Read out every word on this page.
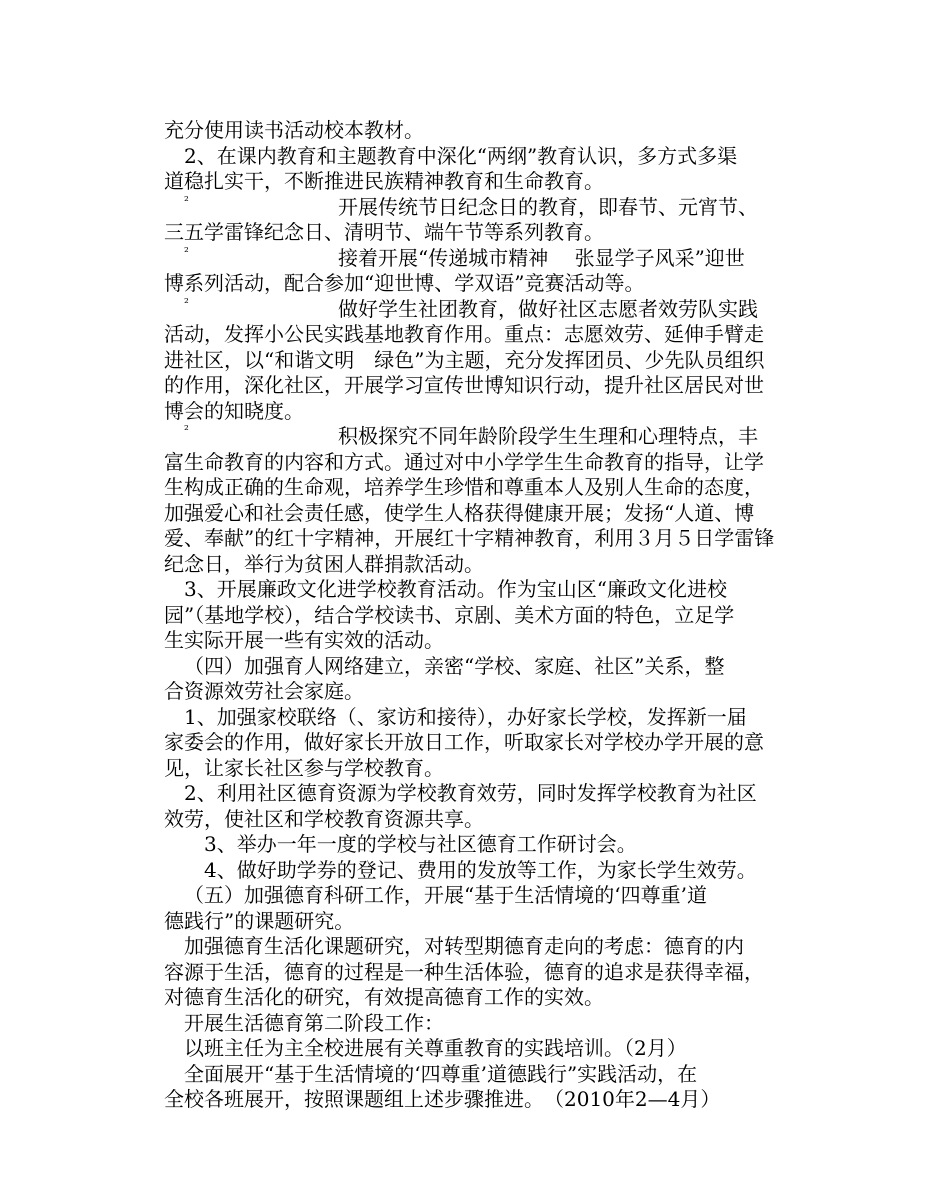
充分使用读书活动校本教材。

2、在课内教育和主题教育中深化“两纲”教育认识，多方式多渠

道稳扎实干，不断推进民族精神教育和生命教育。

²	开展传统节日纪念日的教育，即春节、元宵节、

三五学雷锋纪念日、清明节、端午节等系列教育。

²	接着开展“传递城市精神　 张显学子风采”迎世

博系列活动，配合参加“迎世博、学双语”竞赛活动等。

²	做好学生社团教育，做好社区志愿者效劳队实践

活动，发挥小公民实践基地教育作用。重点：志愿效劳、延伸手臂走

进社区，以“和谐文明　绿色”为主题，充分发挥团员、少先队员组织

的作用，深化社区，开展学习宣传世博知识行动，提升社区居民对世

博会的知晓度。

²	积极探究不同年龄阶段学生生理和心理特点，丰

富生命教育的内容和方式。通过对中小学学生生命教育的指导，让学

生构成正确的生命观，培养学生珍惜和尊重本人及别人生命的态度，

加强爱心和社会责任感，使学生人格获得健康开展；发扬“人道、博

爱、奉献”的红十字精神，开展红十字精神教育，利用３月５日学雷锋

纪念日，举行为贫困人群捐款活动。

3、开展廉政文化进学校教育活动。作为宝山区“廉政文化进校

园”（基地学校），结合学校读书、京剧、美术方面的特色，立足学

生实际开展一些有实效的活动。

（四）加强育人网络建立，亲密“学校、家庭、社区”关系，整

合资源效劳社会家庭。

1、加强家校联络（、家访和接待），办好家长学校，发挥新一届

家委会的作用，做好家长开放日工作，听取家长对学校办学开展的意

见，让家长社区参与学校教育。

2、利用社区德育资源为学校教育效劳，同时发挥学校教育为社区

效劳，使社区和学校教育资源共享。

3、举办一年一度的学校与社区德育工作研讨会。

4、做好助学券的登记、费用的发放等工作，为家长学生效劳。

（五）加强德育科研工作，开展“基于生活情境的‘四尊重’道

德践行”的课题研究。

加强德育生活化课题研究，对转型期德育走向的考虑：德育的内

容源于生活，德育的过程是一种生活体验，德育的追求是获得幸福，

对德育生活化的研究，有效提高德育工作的实效。

开展生活德育第二阶段工作：

以班主任为主全校进展有关尊重教育的实践培训。（2月）

全面展开“基于生活情境的‘四尊重’道德践行”实践活动，在

全校各班展开，按照课题组上述步骤推进。　（2010年2—4月）
